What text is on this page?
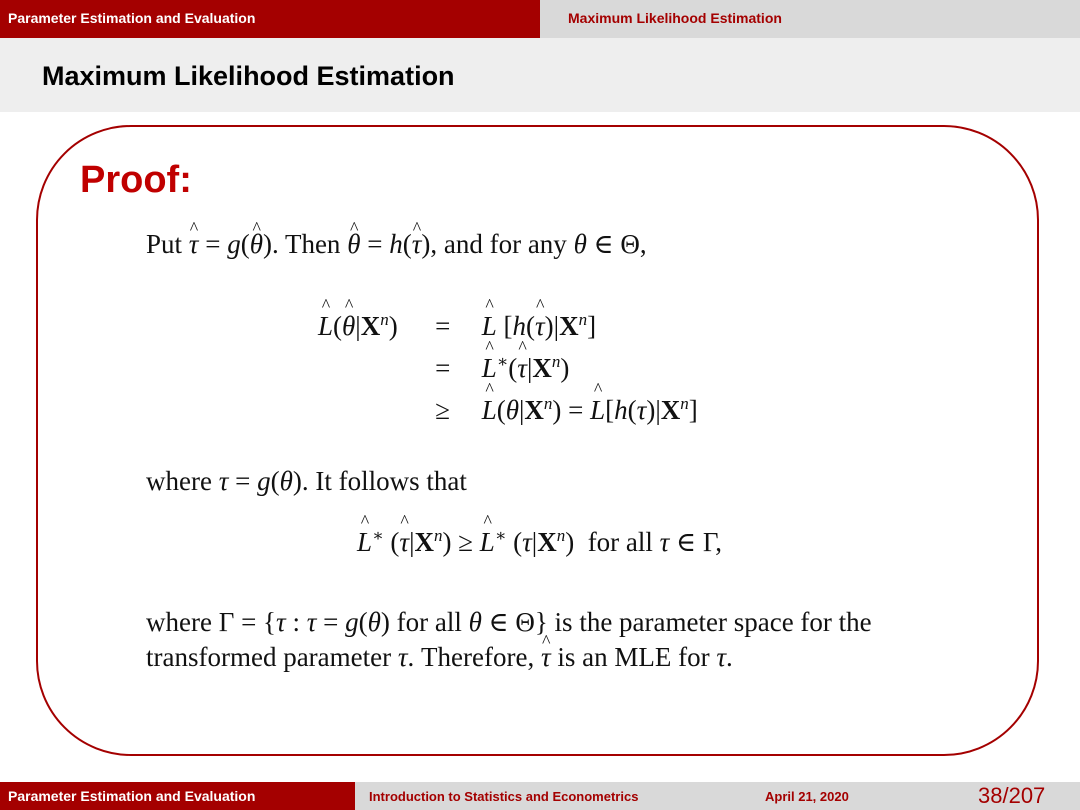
Parameter Estimation and Evaluation	Maximum Likelihood Estimation
Maximum Likelihood Estimation
Proof:
Put ^ τ = g(^ θ). Then ^ θ = h(^ τ), and for any θ ∈ Θ,
^ L(^ $\theta|X^n$)	=	^ L [h(^ $\tau)|X^n$]
	=	^ L∗(^ $\tau|X^n$)
	≥	^ $L(\theta|X^n)$ = ^ $L[h(\tau)|X^n]$
where τ = g(θ). It follows that
^ L∗ (^ $\tau|X^n$) ≥ ^ L∗ $(\tau|X^n)$  for all τ ∈ Γ,
where Γ = {τ : τ = g(θ) for all θ ∈ Θ} is the parameter space for the transformed parameter τ. Therefore, ^ τ is an MLE for τ.
Parameter Estimation and Evaluation	Introduction to Statistics and Econometrics	April 21, 2020	38/207
